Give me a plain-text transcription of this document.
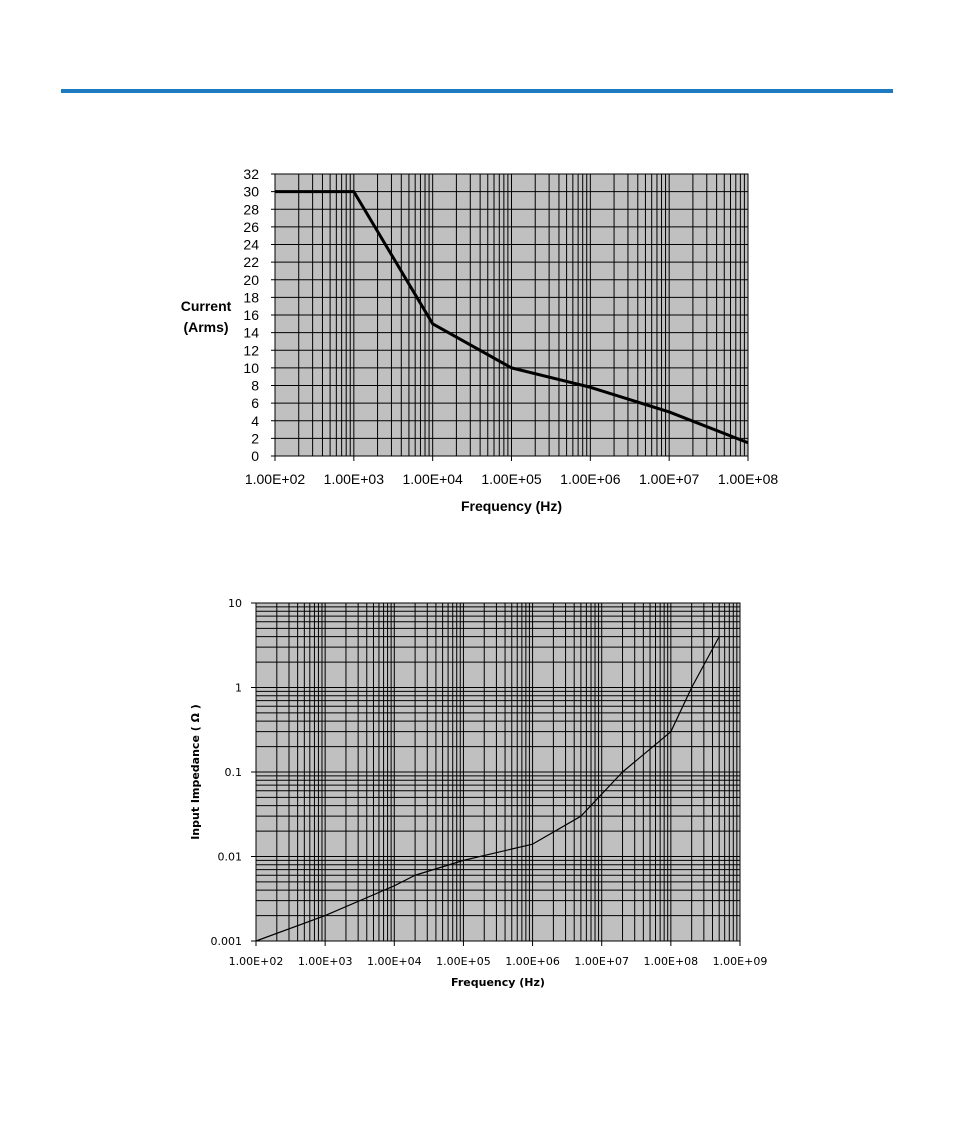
0
2
4
6
8
10
12
14
16
18
20
22
24
26
28
30
32
1.00E+02 1.00E+03 1.00E+04 1.00E+05 1.00E+06 1.00E+07 1.00E+08
Frequency (Hz)
Current
(Arms)
0.001
0.01
0.1
1
10
1.00E+02 1.00E+03 1.00E+04 1.00E+05 1.00E+06 1.00E+07 1.00E+08 1.00E+09
Frequency (Hz)
Input Impedance ( Ω )
